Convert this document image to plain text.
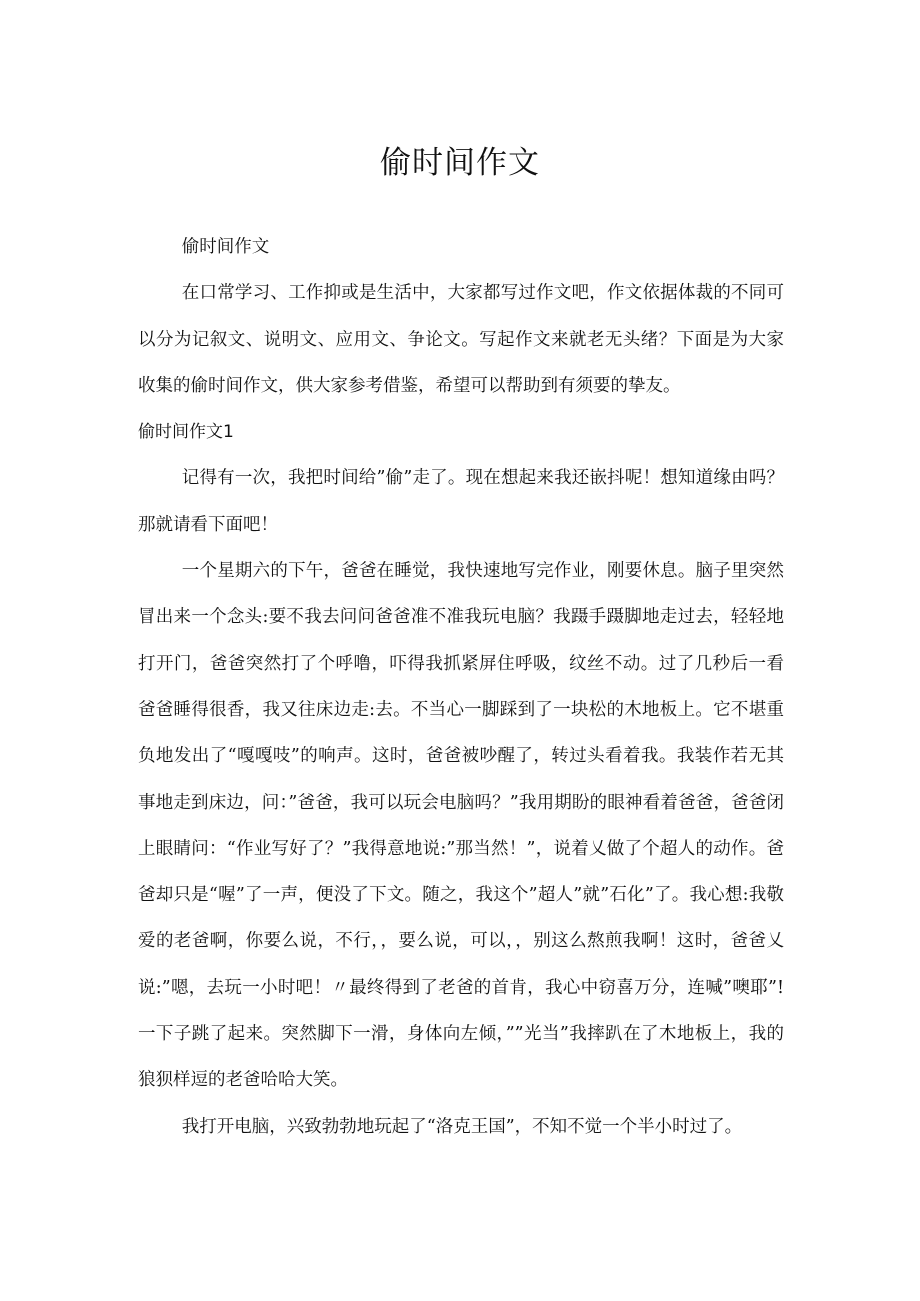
偷时间作文

偷时间作文

在口常学习、工作抑或是生活中，大家都写过作文吧，作文依据体裁的不同可以分为记叙文、说明文、应用文、争论文。写起作文来就老无头绪？下面是为大家收集的偷时间作文，供大家参考借鉴，希望可以帮助到有须要的挚友。

偷时间作文1

记得有一次，我把时间给”偷”走了。现在想起来我还嵌抖呢！想知道缘由吗？那就请看下面吧！

一个星期六的下午，爸爸在睡觉，我快速地写完作业，刚要休息。脑子里突然冒出来一个念头:要不我去问问爸爸准不准我玩电脑？我蹑手蹑脚地走过去，轻轻地打开门，爸爸突然打了个呼噜，吓得我抓紧屏住呼吸，纹丝不动。过了几秒后一看爸爸睡得很香，我又往床边走:去。不当心一脚踩到了一块松的木地板上。它不堪重负地发出了“嘎嘎吱”的响声。这时，爸爸被吵醒了，转过头看着我。我装作若无其事地走到床边，问：”爸爸，我可以玩会电脑吗？”我用期盼的眼神看着爸爸，爸爸闭上眼睛问：“作业写好了？”我得意地说:”那当然！”，说着乂做了个超人的动作。爸爸却只是“喔”了一声，便没了下文。随之，我这个”超人”就”石化”了。我心想:我敬爱的老爸啊，你要么说，不行，，要么说，可以，，别这么熬煎我啊！这时，爸爸乂说:”嗯，去玩一小时吧！〃最终得到了老爸的首肯，我心中窃喜万分，连喊”噢耶”!一下子跳了起来。突然脚下一滑，身体向左倾，””光当”我摔趴在了木地板上，我的狼狈样逗的老爸哈哈大笑。

我打开电脑，兴致勃勃地玩起了“洛克王国”，不知不觉一个半小时过了。
